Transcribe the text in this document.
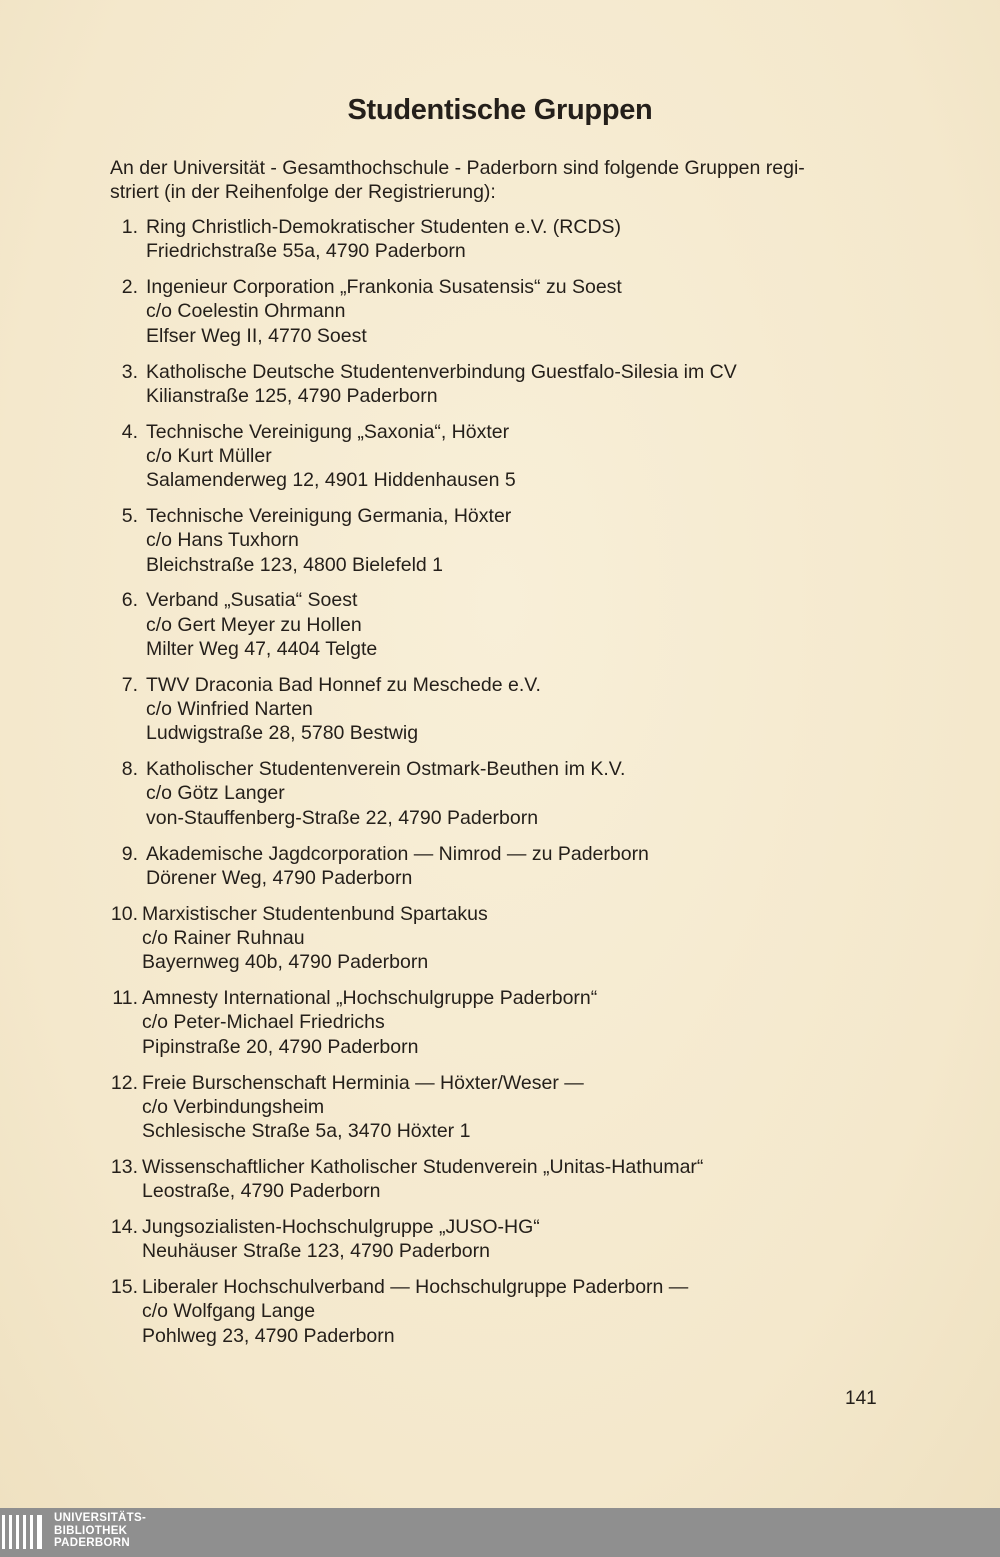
Studentische Gruppen
An der Universität - Gesamthochschule - Paderborn sind folgende Gruppen regi-
striert (in der Reihenfolge der Registrierung):
1. Ring Christlich-Demokratischer Studenten e.V. (RCDS)
Friedrichstraße 55a, 4790 Paderborn
2. Ingenieur Corporation „Frankonia Susatensis“ zu Soest
c/o Coelestin Ohrmann
Elfser Weg II, 4770 Soest
3. Katholische Deutsche Studentenverbindung Guestfalo-Silesia im CV
Kilianstraße 125, 4790 Paderborn
4. Technische Vereinigung „Saxonia“, Höxter
c/o Kurt Müller
Salamenderweg 12, 4901 Hiddenhausen 5
5. Technische Vereinigung Germania, Höxter
c/o Hans Tuxhorn
Bleichstraße 123, 4800 Bielefeld 1
6. Verband „Susatia“ Soest
c/o Gert Meyer zu Hollen
Milter Weg 47, 4404 Telgte
7. TWV Draconia Bad Honnef zu Meschede e.V.
c/o Winfried Narten
Ludwigstraße 28, 5780 Bestwig
8. Katholischer Studentenverein Ostmark-Beuthen im K.V.
c/o Götz Langer
von-Stauffenberg-Straße 22, 4790 Paderborn
9. Akademische Jagdcorporation — Nimrod — zu Paderborn
Dörener Weg, 4790 Paderborn
10. Marxistischer Studentenbund Spartakus
c/o Rainer Ruhnau
Bayernweg 40b, 4790 Paderborn
11. Amnesty International „Hochschulgruppe Paderborn“
c/o Peter-Michael Friedrichs
Pipinstraße 20, 4790 Paderborn
12. Freie Burschenschaft Herminia — Höxter/Weser —
c/o Verbindungsheim
Schlesische Straße 5a, 3470 Höxter 1
13. Wissenschaftlicher Katholischer Studenverein „Unitas-Hathumar“
Leostraße, 4790 Paderborn
14. Jungsozialisten-Hochschulgruppe „JUSO-HG“
Neuhäuser Straße 123, 4790 Paderborn
15. Liberaler Hochschulverband — Hochschulgruppe Paderborn —
c/o Wolfgang Lange
Pohlweg 23, 4790 Paderborn
141
UNIVERSITÄTS-
BIBLIOTHEK
PADERBORN
